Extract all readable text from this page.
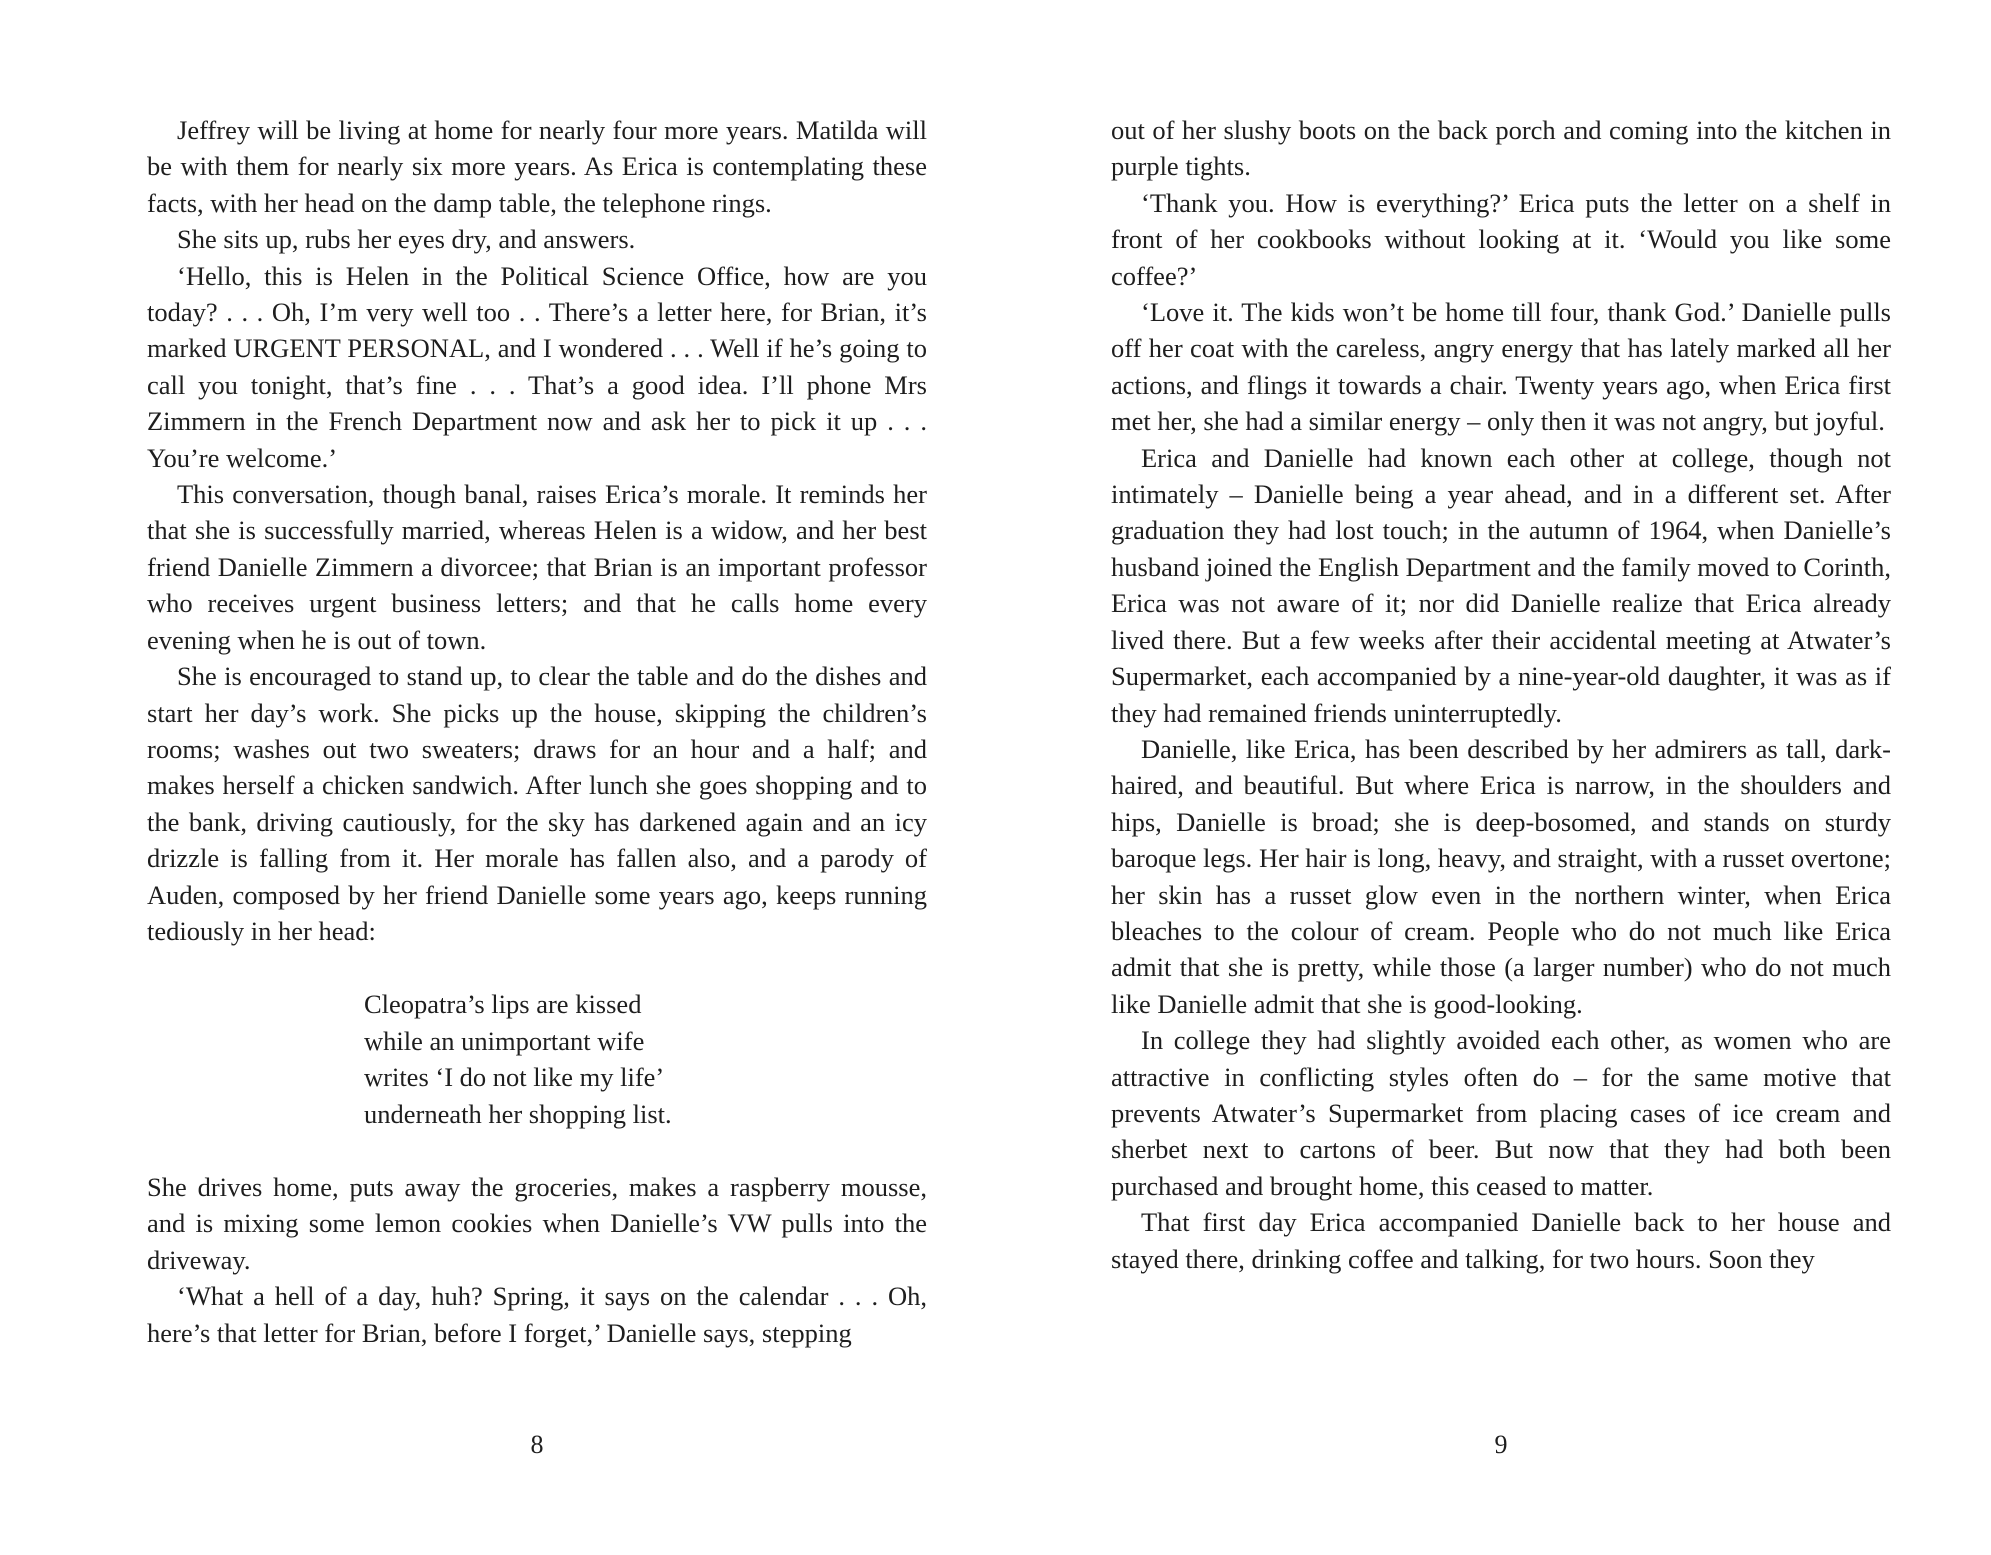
Jeffrey will be living at home for nearly four more years. Matilda will be with them for nearly six more years. As Erica is contemplating these facts, with her head on the damp table, the telephone rings.

She sits up, rubs her eyes dry, and answers.

‘Hello, this is Helen in the Political Science Office, how are you today? . . . Oh, I’m very well too . . There’s a letter here, for Brian, it’s marked URGENT PERSONAL, and I wondered . . . Well if he’s going to call you tonight, that’s fine . . . That’s a good idea. I’ll phone Mrs Zimmern in the French Department now and ask her to pick it up . . . You’re welcome.’

This conversation, though banal, raises Erica’s morale. It reminds her that she is successfully married, whereas Helen is a widow, and her best friend Danielle Zimmern a divorcee; that Brian is an important professor who receives urgent business letters; and that he calls home every evening when he is out of town.

She is encouraged to stand up, to clear the table and do the dishes and start her day’s work. She picks up the house, skipping the children’s rooms; washes out two sweaters; draws for an hour and a half; and makes herself a chicken sandwich. After lunch she goes shopping and to the bank, driving cautiously, for the sky has darkened again and an icy drizzle is falling from it. Her morale has fallen also, and a parody of Auden, composed by her friend Danielle some years ago, keeps running tediously in her head:

Cleopatra’s lips are kissed
while an unimportant wife
writes ‘I do not like my life’
underneath her shopping list.

She drives home, puts away the groceries, makes a raspberry mousse, and is mixing some lemon cookies when Danielle’s VW pulls into the driveway.

‘What a hell of a day, huh? Spring, it says on the calendar . . . Oh, here’s that letter for Brian, before I forget,’ Danielle says, stepping

8

out of her slushy boots on the back porch and coming into the kitchen in purple tights.

‘Thank you. How is everything?’ Erica puts the letter on a shelf in front of her cookbooks without looking at it. ‘Would you like some coffee?’

‘Love it. The kids won’t be home till four, thank God.’ Danielle pulls off her coat with the careless, angry energy that has lately marked all her actions, and flings it towards a chair. Twenty years ago, when Erica first met her, she had a similar energy – only then it was not angry, but joyful.

Erica and Danielle had known each other at college, though not intimately – Danielle being a year ahead, and in a different set. After graduation they had lost touch; in the autumn of 1964, when Danielle’s husband joined the English Department and the family moved to Corinth, Erica was not aware of it; nor did Danielle realize that Erica already lived there. But a few weeks after their accidental meeting at Atwater’s Supermarket, each accompanied by a nine-year-old daughter, it was as if they had remained friends uninterruptedly.

Danielle, like Erica, has been described by her admirers as tall, dark-haired, and beautiful. But where Erica is narrow, in the shoulders and hips, Danielle is broad; she is deep-bosomed, and stands on sturdy baroque legs. Her hair is long, heavy, and straight, with a russet overtone; her skin has a russet glow even in the northern winter, when Erica bleaches to the colour of cream. People who do not much like Erica admit that she is pretty, while those (a larger number) who do not much like Danielle admit that she is good-looking.

In college they had slightly avoided each other, as women who are attractive in conflicting styles often do – for the same motive that prevents Atwater’s Supermarket from placing cases of ice cream and sherbet next to cartons of beer. But now that they had both been purchased and brought home, this ceased to matter.

That first day Erica accompanied Danielle back to her house and stayed there, drinking coffee and talking, for two hours. Soon they

9
